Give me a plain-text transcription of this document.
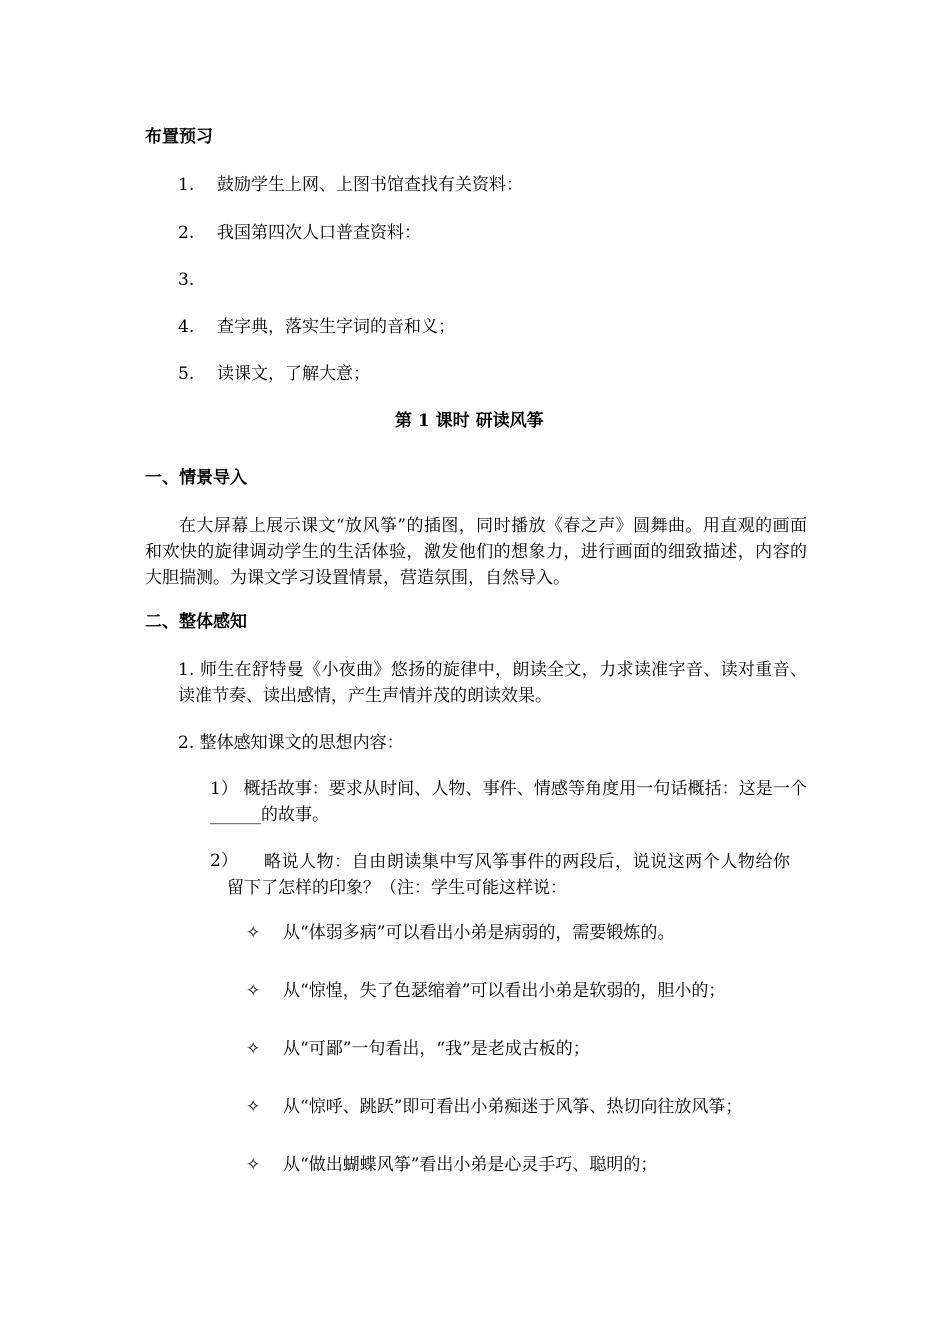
布置预习
1. 鼓励学生上网、上图书馆查找有关资料：
2. 我国第四次人口普查资料：
3.
4. 查字典，落实生字词的音和义；
5. 读课文，了解大意；
第 1 课时 研读风筝
一、情景导入
在大屏幕上展示课文“放风筝”的插图，同时播放《春之声》圆舞曲。用直观的画面和欢快的旋律调动学生的生活体验，激发他们的想象力，进行画面的细致描述，内容的大胆揣测。为课文学习设置情景，营造氛围，自然导入。
二、整体感知
1. 师生在舒特曼《小夜曲》悠扬的旋律中，朗读全文，力求读准字音、读对重音、读准节奏、读出感情，产生声情并茂的朗读效果。
2. 整体感知课文的思想内容：
1） 概括故事：要求从时间、人物、事件、情感等角度用一句话概括：这是一个______的故事。
2）	略说人物：自由朗读集中写风筝事件的两段后，说说这两个人物给你留下了怎样的印象？（注：学生可能这样说：
✧ 从“体弱多病”可以看出小弟是病弱的，需要锻炼的。
✧ 从“惊惶，失了色瑟缩着”可以看出小弟是软弱的，胆小的；
✧ 从“可鄙”一句看出，“我”是老成古板的；
✧ 从“惊呼、跳跃”即可看出小弟痴迷于风筝、热切向往放风筝；
✧ 从“做出蝴蝶风筝”看出小弟是心灵手巧、聪明的；
